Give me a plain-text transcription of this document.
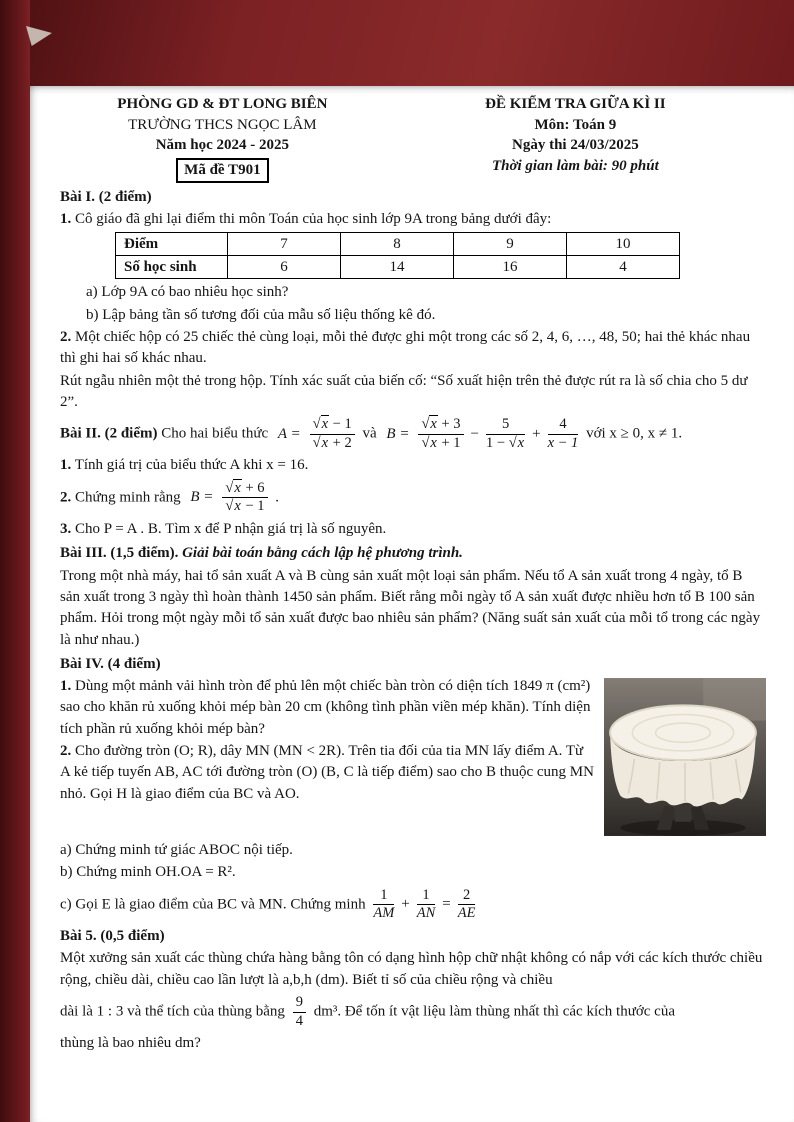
PHÒNG GD & ĐT LONG BIÊN

TRƯỜNG THCS NGỌC LÂM

Năm học 2024 - 2025

Mã đề T901

ĐỀ KIỂM TRA GIỮA KÌ II

Môn: Toán 9

Ngày thi 24/03/2025

Thời gian làm bài: 90 phút

Bài I. (2 điểm)

1. Cô giáo đã ghi lại điểm thi môn Toán của học sinh lớp 9A trong bảng dưới đây:

Điểm	7	8	9	10
Số học sinh	6	14	16	4

a) Lớp 9A có bao nhiêu học sinh?

b) Lập bảng tần số tương đối của mẫu số liệu thống kê đó.

2. Một chiếc hộp có 25 chiếc thẻ cùng loại, mỗi thẻ được ghi một trong các số 2, 4, 6, …, 48, 50; hai thẻ khác nhau thì ghi hai số khác nhau.

Rút ngẫu nhiên một thẻ trong hộp. Tính xác suất của biến cố: “Số xuất hiện trên thẻ được rút ra là số chia cho 5 dư 2”.

Bài II. (2 điểm) Cho hai biểu thức $A = \frac{√x - 1}{√x + 2}$ và $B = \frac{√x + 3}{√x + 1} - \frac{5}{1 - √x} + \frac{4}{x - 1}$ với x ≥ 0, x ≠ 1.

1. Tính giá trị của biểu thức A khi x = 16.

2. Chứng minh rằng $B = \frac{√x + 6}{√x - 1}$ .

3. Cho P = A . B. Tìm x để P nhận giá trị là số nguyên.

Bài III. (1,5 điểm). Giải bài toán bằng cách lập hệ phương trình.

Trong một nhà máy, hai tổ sản xuất A và B cùng sản xuất một loại sản phẩm. Nếu tổ A sản xuất trong 4 ngày, tổ B sản xuất trong 3 ngày thì hoàn thành 1450 sản phẩm. Biết rằng mỗi ngày tổ A sản xuất được nhiều hơn tổ B 100 sản phẩm. Hỏi trong một ngày mỗi tổ sản xuất được bao nhiêu sản phẩm? (Năng suất sản xuất của mỗi tổ trong các ngày là như nhau.)

Bài IV. (4 điểm)

1. Dùng một mảnh vải hình tròn để phủ lên một chiếc bàn tròn có diện tích 1849 π (cm²) sao cho khăn rủ xuống khỏi mép bàn 20 cm (không tình phần viền mép khăn). Tính diện tích phần rủ xuống khỏi mép bàn?

2. Cho đường tròn (O; R), dây MN (MN < 2R). Trên tia đối của tia MN lấy điểm A. Từ A kẻ tiếp tuyến AB, AC tới đường tròn (O) (B, C là tiếp điểm) sao cho B thuộc cung MN nhỏ. Gọi H là giao điểm của BC và AO.

a) Chứng minh tứ giác ABOC nội tiếp.

b) Chứng minh OH.OA = R².

c) Gọi E là giao điểm của BC và MN. Chứng minh $\frac{1}{AM} + \frac{1}{AN} = \frac{2}{AE}$

Bài 5. (0,5 điểm)

Một xưởng sản xuất các thùng chứa hàng bằng tôn có dạng hình hộp chữ nhật không có nắp với các kích thước chiều rộng, chiều dài, chiều cao lần lượt là a,b,h (dm). Biết tỉ số của chiều rộng và chiều

dài là 1 : 3 và thể tích của thùng bằng $\frac{9}{4} dm^3$. Để tốn ít vật liệu làm thùng nhất thì các kích thước của

thùng là bao nhiêu dm?
